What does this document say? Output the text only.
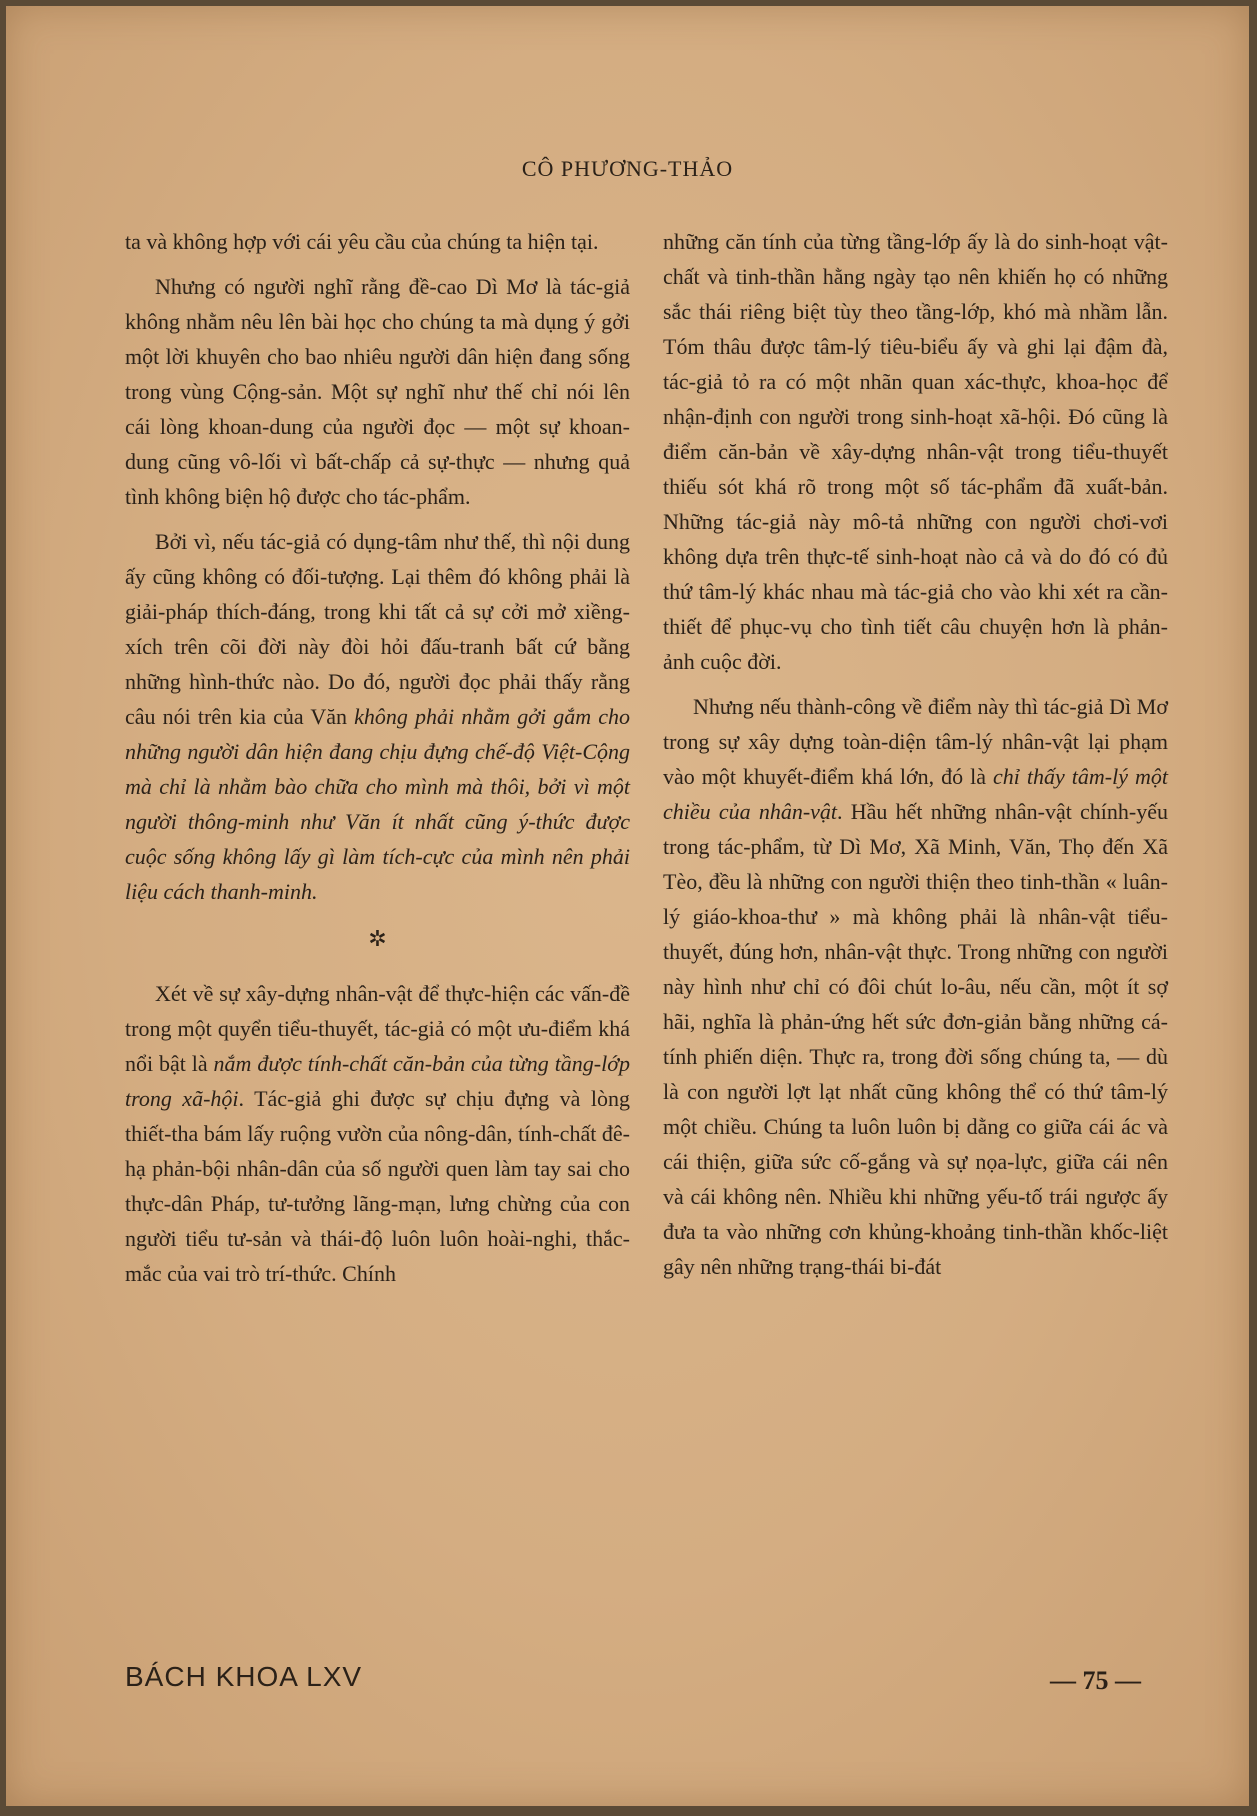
CÔ PHƯƠNG-THẢO

ta và không hợp với cái yêu cầu của chúng ta hiện tại.

Nhưng có người nghĩ rằng đề-cao Dì Mơ là tác-giả không nhằm nêu lên bài học cho chúng ta mà dụng ý gởi một lời khuyên cho bao nhiêu người dân hiện đang sống trong vùng Cộng-sản. Một sự nghĩ như thế chỉ nói lên cái lòng khoan-dung của người đọc — một sự khoan-dung cũng vô-lối vì bất-chấp cả sự-thực — nhưng quả tình không biện hộ được cho tác-phẩm.

Bởi vì, nếu tác-giả có dụng-tâm như thế, thì nội dung ấy cũng không có đối-tượng. Lại thêm đó không phải là giải-pháp thích-đáng, trong khi tất cả sự cởi mở xiềng-xích trên cõi đời này đòi hỏi đấu-tranh bất cứ bằng những hình-thức nào. Do đó, người đọc phải thấy rằng câu nói trên kia của Văn không phải nhằm gởi gắm cho những người dân hiện đang chịu đựng chế-độ Việt-Cộng mà chỉ là nhằm bào chữa cho mình mà thôi, bởi vì một người thông-minh như Văn ít nhất cũng ý-thức được cuộc sống không lấy gì làm tích-cực của mình nên phải liệu cách thanh-minh.

✲

Xét về sự xây-dựng nhân-vật để thực-hiện các vấn-đề trong một quyển tiểu-thuyết, tác-giả có một ưu-điểm khá nổi bật là nắm được tính-chất căn-bản của từng tầng-lớp trong xã-hội. Tác-giả ghi được sự chịu đựng và lòng thiết-tha bám lấy ruộng vườn của nông-dân, tính-chất đê-hạ phản-bội nhân-dân của số người quen làm tay sai cho thực-dân Pháp, tư-tưởng lãng-mạn, lưng chừng của con người tiểu tư-sản và thái-độ luôn luôn hoài-nghi, thắc-mắc của vai trò trí-thức. Chính

những căn tính của từng tầng-lớp ấy là do sinh-hoạt vật-chất và tinh-thần hằng ngày tạo nên khiến họ có những sắc thái riêng biệt tùy theo tầng-lớp, khó mà nhầm lẫn. Tóm thâu được tâm-lý tiêu-biểu ấy và ghi lại đậm đà, tác-giả tỏ ra có một nhãn quan xác-thực, khoa-học để nhận-định con người trong sinh-hoạt xã-hội. Đó cũng là điểm căn-bản về xây-dựng nhân-vật trong tiểu-thuyết thiếu sót khá rõ trong một số tác-phẩm đã xuất-bản. Những tác-giả này mô-tả những con người chơi-vơi không dựa trên thực-tế sinh-hoạt nào cả và do đó có đủ thứ tâm-lý khác nhau mà tác-giả cho vào khi xét ra cần-thiết để phục-vụ cho tình tiết câu chuyện hơn là phản-ảnh cuộc đời.

Nhưng nếu thành-công về điểm này thì tác-giả Dì Mơ trong sự xây dựng toàn-diện tâm-lý nhân-vật lại phạm vào một khuyết-điểm khá lớn, đó là chỉ thấy tâm-lý một chiều của nhân-vật. Hầu hết những nhân-vật chính-yếu trong tác-phẩm, từ Dì Mơ, Xã Minh, Văn, Thọ đến Xã Tèo, đều là những con người thiện theo tinh-thần « luân-lý giáo-khoa-thư » mà không phải là nhân-vật tiểu-thuyết, đúng hơn, nhân-vật thực. Trong những con người này hình như chỉ có đôi chút lo-âu, nếu cần, một ít sợ hãi, nghĩa là phản-ứng hết sức đơn-giản bằng những cá-tính phiến diện. Thực ra, trong đời sống chúng ta, — dù là con người lợt lạt nhất cũng không thể có thứ tâm-lý một chiều. Chúng ta luôn luôn bị dằng co giữa cái ác và cái thiện, giữa sức cố-gắng và sự nọa-lực, giữa cái nên và cái không nên. Nhiều khi những yếu-tố trái ngược ấy đưa ta vào những cơn khủng-khoảng tinh-thần khốc-liệt gây nên những trạng-thái bi-đát

BÁCH KHOA LXV	— 75 —
